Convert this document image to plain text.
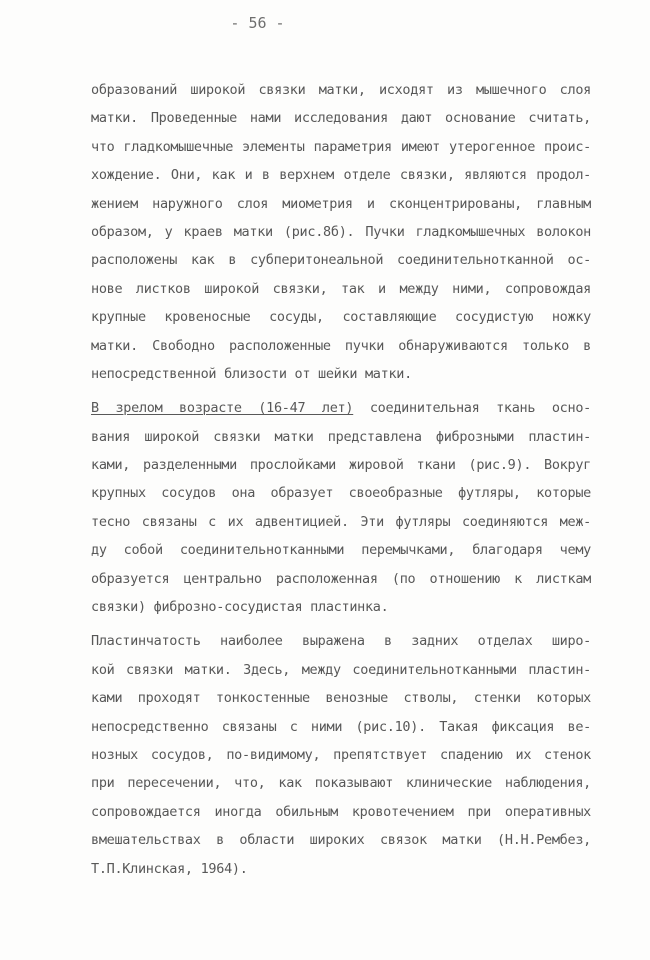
- 56 -
образований широкой связки матки, исходят из мышечного слоя
матки. Проведенные нами исследования дают основание считать,
что гладкомышечные элементы параметрия имеют утерогенное проис-
хождение. Они, как и в верхнем отделе связки, являются продол-
жением наружного слоя миометрия и сконцентрированы, главным
образом, у краев матки (рис.8б). Пучки гладкомышечных волокон
расположены как в субперитонеальной соединительнотканной ос-
нове листков широкой связки, так и между ними, сопровождая
крупные кровеносные сосуды, составляющие сосудистую ножку
матки. Свободно расположенные пучки обнаруживаются только в
непосредственной близости от шейки матки.
В зрелом возрасте (16-47 лет) соединительная ткань осно-
вания широкой связки матки представлена фиброзными пластин-
ками, разделенными прослойками жировой ткани (рис.9). Вокруг
крупных сосудов она образует своеобразные футляры, которые
тесно связаны с их адвентицией. Эти футляры соединяются меж-
ду собой соединительнотканными перемычками, благодаря чему
образуется центрально расположенная (по отношению к листкам
связки) фиброзно-сосудистая пластинка.
Пластинчатость наиболее выражена в задних отделах широ-
кой связки матки. Здесь, между соединительнотканными пластин-
ками проходят тонкостенные венозные стволы, стенки которых
непосредственно связаны с ними (рис.10). Такая фиксация ве-
нозных сосудов, по-видимому, препятствует спадению их стенок
при пересечении, что, как показывают клинические наблюдения,
сопровождается иногда обильным кровотечением при оперативных
вмешательствах в области широких связок матки (Н.Н.Рембез,
Т.П.Клинская, 1964).
